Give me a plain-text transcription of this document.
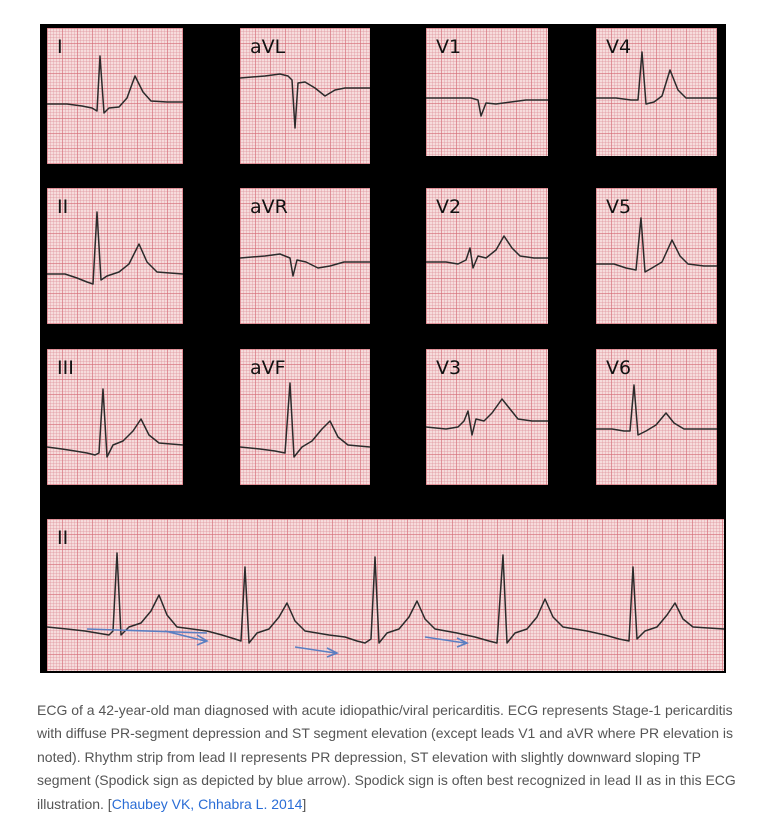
I	aVL	V1	V4
II	aVR	V2	V5
III	aVF	V3	V6
II

ECG of a 42-year-old man diagnosed with acute idiopathic/viral pericarditis. ECG represents Stage-1 pericarditis with diffuse PR-segment depression and ST segment elevation (except leads V1 and aVR where PR elevation is noted). Rhythm strip from lead II represents PR depression, ST elevation with slightly downward sloping TP segment (Spodick sign as depicted by blue arrow). Spodick sign is often best recognized in lead II as in this ECG illustration. [Chaubey VK, Chhabra L. 2014]
